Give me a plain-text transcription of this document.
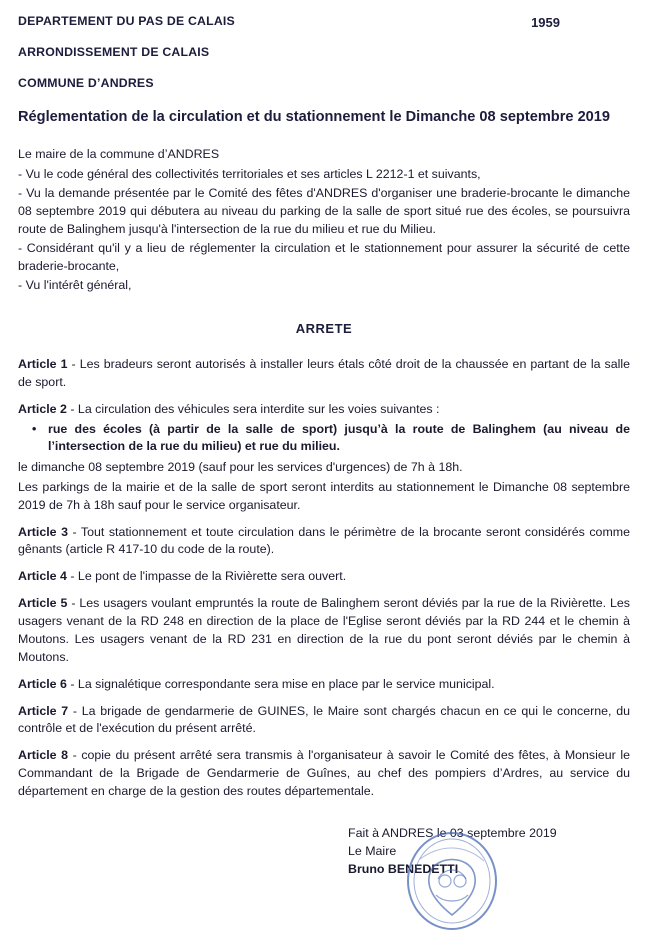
DEPARTEMENT DU PAS DE CALAIS	1959
ARRONDISSEMENT DE CALAIS
COMMUNE D’ANDRES
Réglementation de la circulation et du stationnement le Dimanche 08 septembre 2019
Le maire de la commune d’ANDRES
- Vu le code général des collectivités territoriales et ses articles L 2212-1 et suivants,
- Vu la demande présentée par le Comité des fêtes d'ANDRES d'organiser une braderie-brocante le dimanche 08 septembre 2019 qui débutera au niveau du parking de la salle de sport situé rue des écoles, se poursuivra route de Balinghem jusqu'à l'intersection de la rue du milieu et rue du Milieu.
- Considérant qu'il y a lieu de réglementer la circulation et le stationnement pour assurer la sécurité de cette braderie-brocante,
- Vu l'intérêt général,
ARRETE
Article 1 - Les bradeurs seront autorisés à installer leurs étals côté droit de la chaussée en partant de la salle de sport.
Article 2 - La circulation des véhicules sera interdite sur les voies suivantes :
• rue des écoles (à partir de la salle de sport) jusqu’à la route de Balinghem (au niveau de l’intersection de la rue du milieu) et rue du milieu.
le dimanche 08 septembre 2019 (sauf pour les services d'urgences) de 7h à 18h.
Les parkings de la mairie et de la salle de sport seront interdits au stationnement le Dimanche 08 septembre 2019 de 7h à 18h sauf pour le service organisateur.
Article 3 - Tout stationnement et toute circulation dans le périmètre de la brocante seront considérés comme gênants (article R 417-10 du code de la route).
Article 4 - Le pont de l'impasse de la Rivièrette sera ouvert.
Article 5 - Les usagers voulant empruntés la route de Balinghem seront déviés par la rue de la Rivièrette. Les usagers venant de la RD 248 en direction de la place de l'Eglise seront déviés par la RD 244 et le chemin à Moutons. Les usagers venant de la RD 231 en direction de la rue du pont seront déviés par le chemin à Moutons.
Article 6 - La signalétique correspondante sera mise en place par le service municipal.
Article 7 - La brigade de gendarmerie de GUINES, le Maire sont chargés chacun en ce qui le concerne, du contrôle et de l'exécution du présent arrêté.
Article 8 - copie du présent arrêté sera transmis à l'organisateur à savoir le Comité des fêtes, à Monsieur le Commandant de la Brigade de Gendarmerie de Guînes, au chef des pompiers d’Ardres, au service du département en charge de la gestion des routes départementale.
Fait à ANDRES le 03 septembre 2019
Le Maire
Bruno BENEDETTI
